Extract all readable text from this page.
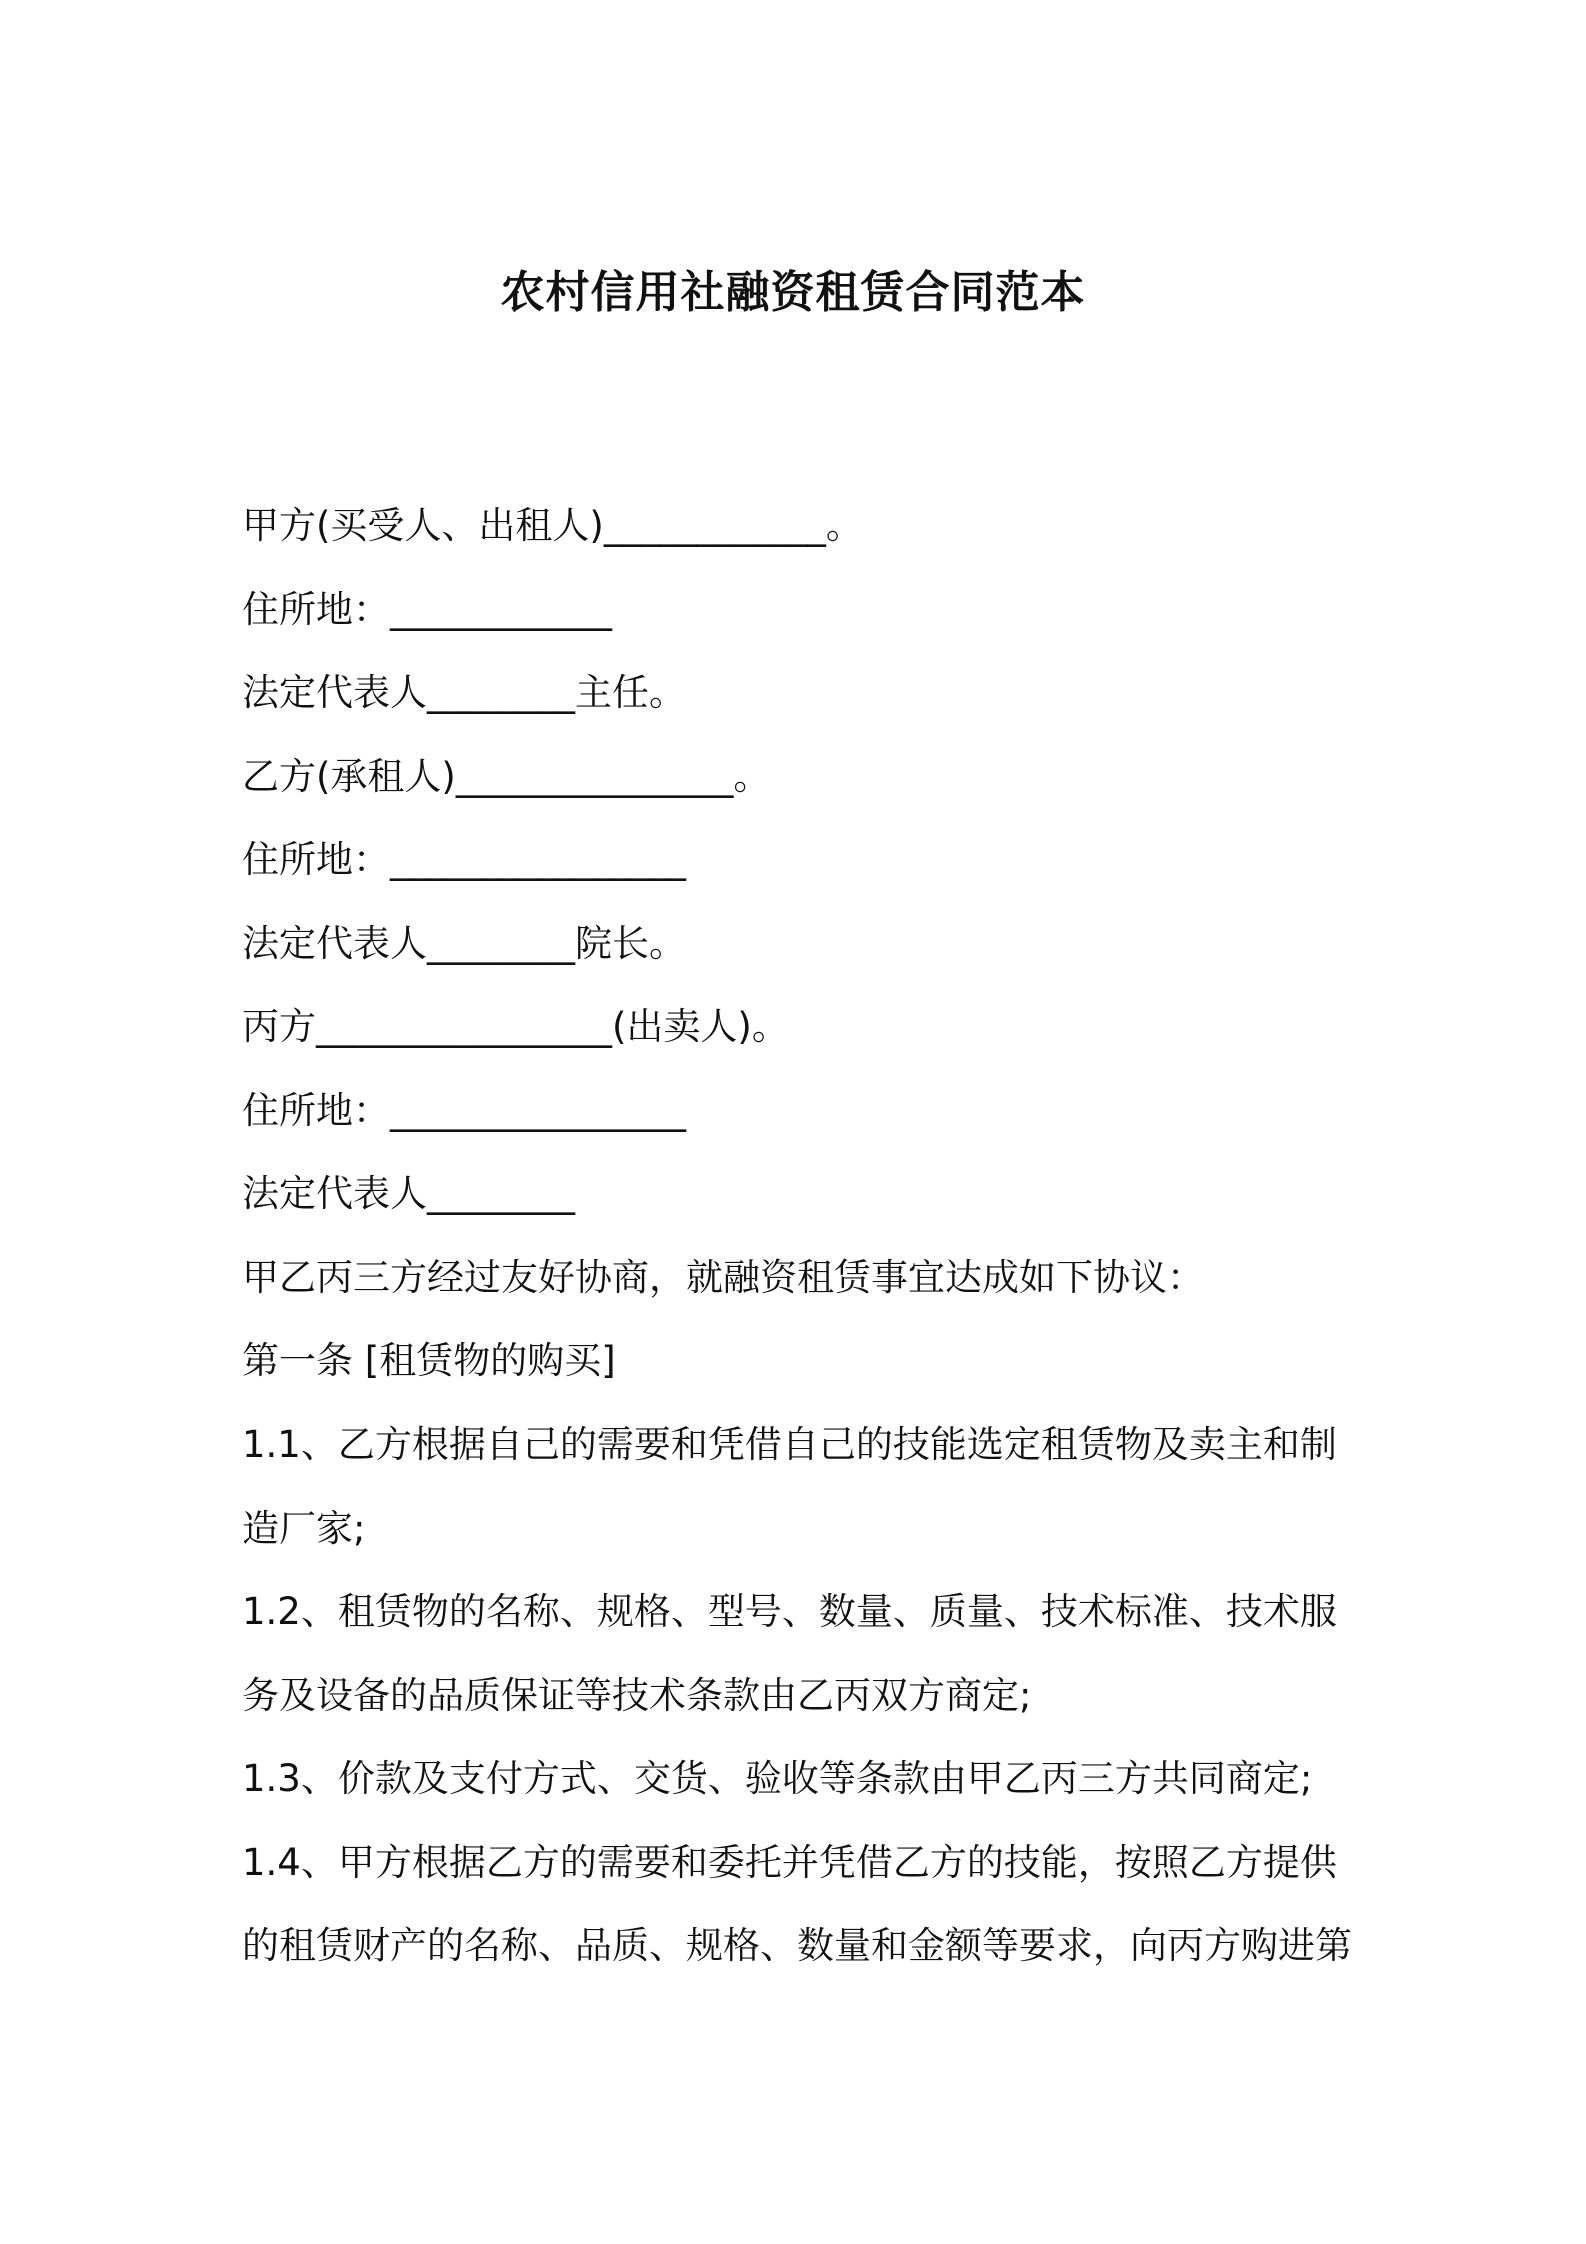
农村信用社融资租赁合同范本
甲方(买受人、出租人)____________。
住所地：____________
法定代表人________主任。
乙方(承租人)_______________。
住所地：________________
法定代表人________院长。
丙方________________(出卖人)。
住所地：________________
法定代表人________
甲乙丙三方经过友好协商，就融资租赁事宜达成如下协议：
第一条 [租赁物的购买]
1.1、乙方根据自己的需要和凭借自己的技能选定租赁物及卖主和制
造厂家;
1.2、租赁物的名称、规格、型号、数量、质量、技术标准、技术服
务及设备的品质保证等技术条款由乙丙双方商定;
1.3、价款及支付方式、交货、验收等条款由甲乙丙三方共同商定;
1.4、甲方根据乙方的需要和委托并凭借乙方的技能，按照乙方提供
的租赁财产的名称、品质、规格、数量和金额等要求，向丙方购进第
